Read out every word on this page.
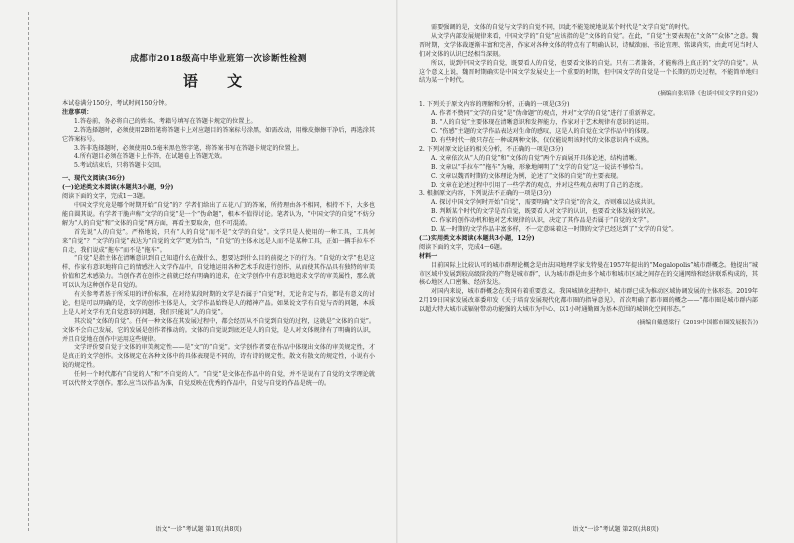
成都市2018级高中毕业班第一次诊断性检测
语 文

本试卷满分150分，考试时间150分钟。

注意事项：

1.答卷前，务必将自己的姓名、考籍号填写在答题卡规定的位置上。

2.答选择题时，必须使用2B铅笔将答题卡上对应题目的答案标号涂黑，如需改动，用橡皮擦擦干净后，再选涂其它答案标号。

3.答非选择题时，必须使用0.5毫米黑色签字笔，将答案书写在答题卡规定的位置上。

4.所有题目必须在答题卡上作答，在试题卷上答题无效。

5.考试结束后，只将答题卡交回。

一、现代文阅读(36分)

(一)论述类文本阅读(本题共3小题，9分)

阅读下面的文字，完成1～3题。

中国文学究竟是哪个时期开始“自觉”的？学者们给出了五花八门的答案，所持理由各不相同，相持不下，大多也能自圆其说。有学者干脆声称“文学的自觉”是一个“伪命题”，根本不值得讨论。笔者认为，“中国文学的自觉”不妨分解为“人的自觉”和“文体的自觉”两方面，再看主要取舍，但不可混淆。

首先说“人的自觉”。严格地说，只有“人的自觉”而不是“文学的自觉”。文学只是人使用的一种工具，工具何来“自觉”？“文学的自觉”表达为“自觉的文学”更为恰当，“自觉”的主体永远是人而不是某种工具，正如一辆手拉车不自走，我们说成“拖车”而不是“拖车”。

“自觉”是指主体在清晰意识到自己知道什么在做什么、想要达到什么目的前提之下的行为。“自觉的文学”也是这样，作家有意识地将自己的情感注入文学作品中，自觉地运用各种艺术手段进行创作，从而使其作品具有独特的审美价值和艺术感染力。当创作者在创作之前就已经有明确的追求，在文学创作中有意识地追求文学的审美属性，那么就可以认为这种创作是自觉的。

有关参考者基于所采用的评价标准，在对待某段时期的文学是否属于“自觉”时，无论肯定与否，都是有意义的讨论，但是可以明确的是，文学的创作主体是人，文学作品始终是人的精神产品。如果说文学有自觉与否的问题，本质上是人对文学有无自觉意识的问题，我们只能说“人的自觉”。

其次说“文体的自觉”。任何一种文体在其发展过程中，都会经历从不自觉到自觉的过程，这就是“文体的自觉”。文体不会自己发展，它的发展是创作者推动的。文体的自觉说到底还是人的自觉，是人对文体规律有了明确的认识，并且自觉地在创作中运用这些规律。

文学评价要自觉于文体的审美规定性——是“文”的“自觉”。文学创作者要在作品中体现出文体的审美规定性，才是真正的文学创作。文体规定在各种文体中的具体表现是不同的，诗有诗的规定性，散文有散文的规定性，小说有小说的规定性。

任何一个时代都有“自觉的人”和“不自觉的人”。“自觉”是文体在作品中的自觉，并不是说有了自觉的文学理论就可以代替文学创作。那么应当以作品为准，自觉反映在优秀的作品中，自觉与自觉的作品是统一的。

语文“一诊”考试题 第1页(共8页)

需要强调的是，文体的自觉与文学的自觉不同，因此不能笼统地说某个时代是“文学自觉”的时代。

从文学内部发展规律来看，中国文学的“自觉”应该指的是“文体的自觉”。在此，“自觉”主要表现在“文备”“众体”之意。魏晋时期，文学体裁逐渐丰富和完善，作家对各种文体的特点有了明确认识，诗赋欲丽、书论宜理、铭诔尚实，由此可见当时人们对文体的认识已经相当深刻。

所以，说到中国文学的自觉，既要看人的自觉，也要看文体的自觉。只有二者兼备，才能称得上真正的“文学的自觉”。从这个意义上说，魏晋时期确实是中国文学发展史上一个重要的时期，但中国文学的自觉是一个长期的历史过程，不能简单地归结为某一个时代。

(摘编自张培锋《也谈中国文学的自觉》)

1. 下列关于原文内容的理解和分析，正确的一项是(3分)

A. 作者不赞同“文学的自觉”是“伪命题”的观点，并对“文学的自觉”进行了重新界定。

B. “人的自觉”主要体现在清晰意识和发挥能力，作家对于艺术规律有意识的运用。

C. “伤感”主题的文学作品表达对生命的感叹，这是人的自觉在文学作品中的体现。

D. 有些时代一般只存在一种或两种文体，仅仅能说明该时代的文体意识尚不成熟。

2. 下列对原文论证的相关分析，不正确的一项是(3分)

A. 文章依次从“人的自觉”和“文体的自觉”两个方面展开具体论述，结构清晰。

B. 文章以“手拉车”“拖车”为喻，形象地阐明了“文学的自觉”这一说法不够恰当。

C. 文章以魏晋时期的文体理论为例，论述了“文体的自觉”的主要表现。

D. 文章在论述过程中引用了一些学者的观点，并对这些观点表明了自己的态度。

3. 根据原文内容，下列说法不正确的一项是(3分)

A. 探讨中国文学何时开始“自觉”，需要明确“文学自觉”的含义，否则难以达成共识。

B. 判断某个时代的文学是否自觉，既要看人对文学的认识，也要看文体发展的状况。

C. 作家的创作动机和他对艺术规律的认识，决定了其作品是否属于“自觉的文学”。

D. 某一时期的文学作品丰富多样，不一定意味着这一时期的文学已经达到了“文学的自觉”。

(二)实用类文本阅读(本题共3小题，12分)

阅读下面的文字，完成4～6题。

材料一

目前国际上比较认可的城市群理论概念是由法国地理学家戈特曼在1957年提出的“Megalopolis”城市群概念。他提出“城市区域中发展到较高级阶段的产物是城市群”，认为城市群是由多个城市和城市区域之间存在的交通网络和经济联系构成的，其核心地区人口密集、经济发达。

对国内来说，城市群概念在我国有着重要意义。我国城镇化进程中，城市群已成为推动区域协调发展的主体形态。2019年2月19日国家发展改革委印发《关于培育发展现代化都市圈的指导意见》，首次明确了都市圈的概念——“都市圈是城市群内部以超大特大城市或辐射带动功能强的大城市为中心、以1小时通勤圈为基本范围的城镇化空间形态。”

(摘编自戴德梁行《2019中国都市圈发展报告》)
语文“一诊”考试题 第2页(共8页)
